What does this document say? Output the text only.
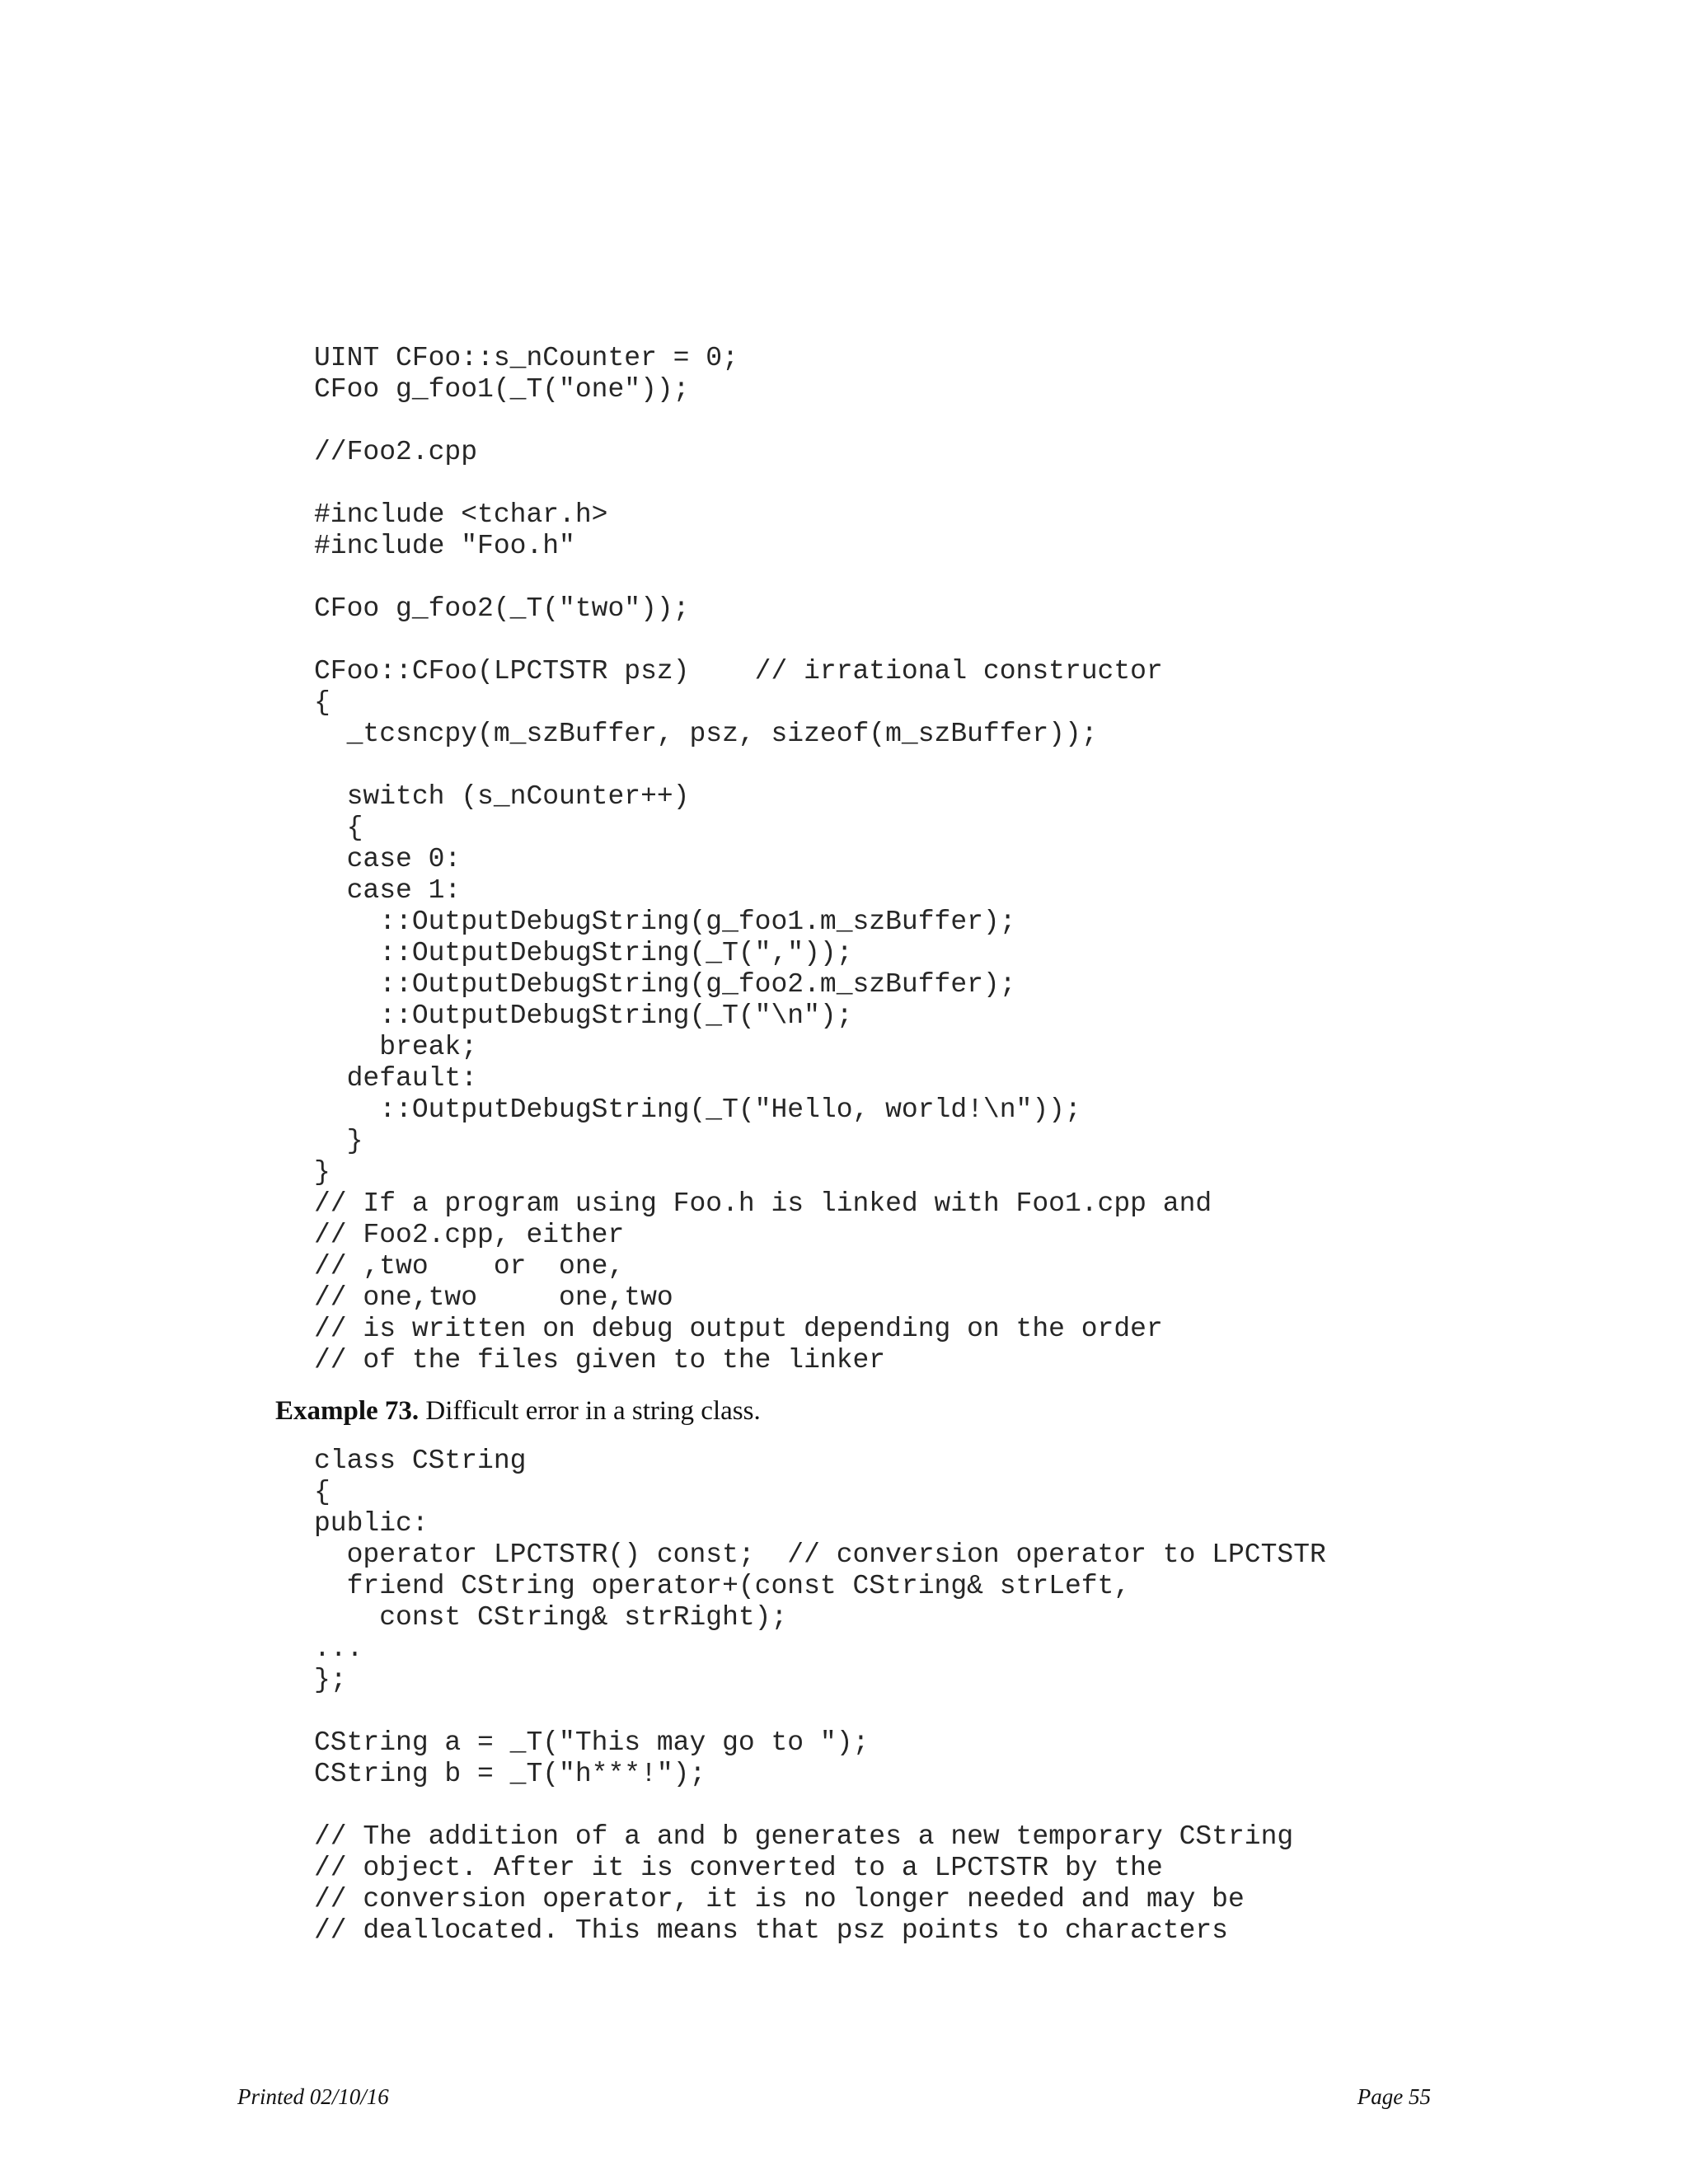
UINT CFoo::s_nCounter = 0;
CFoo g_foo1(_T("one"));
//Foo2.cpp
#include <tchar.h>
#include "Foo.h"
CFoo g_foo2(_T("two"));
CFoo::CFoo(LPCTSTR psz)    // irrational constructor
{
_tcsncpy(m_szBuffer, psz, sizeof(m_szBuffer));
switch (s_nCounter++)
{
case 0:
case 1:
::OutputDebugString(g_foo1.m_szBuffer);
::OutputDebugString(_T(","));
::OutputDebugString(g_foo2.m_szBuffer);
::OutputDebugString(_T("\n");
break;
default:
::OutputDebugString(_T("Hello, world!\n"));
}
}
// If a program using Foo.h is linked with Foo1.cpp and
// Foo2.cpp, either
// ,two    or  one,
// one,two     one,two
// is written on debug output depending on the order
// of the files given to the linker
Example 73. Difficult error in a string class.
class CString
{
public:
operator LPCTSTR() const;  // conversion operator to LPCTSTR
friend CString operator+(const CString& strLeft,
const CString& strRight);
...
};
CString a = _T("This may go to ");
CString b = _T("h***!");
// The addition of a and b generates a new temporary CString
// object. After it is converted to a LPCTSTR by the
// conversion operator, it is no longer needed and may be
// deallocated. This means that psz points to characters
Printed 02/10/16	Page 55
